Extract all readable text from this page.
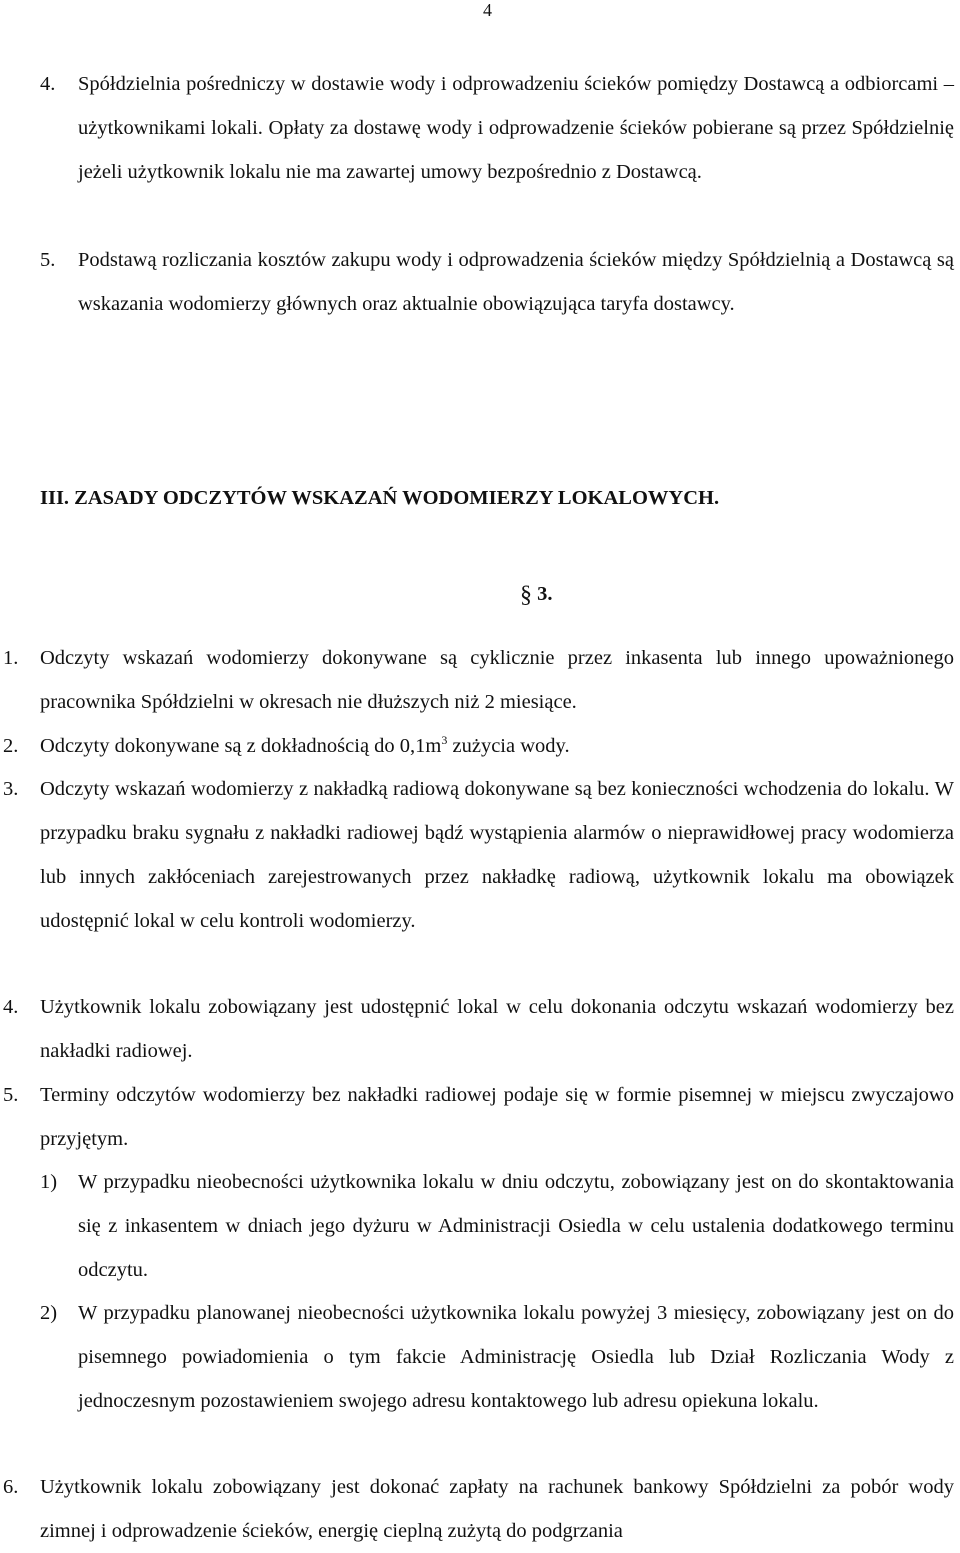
4
4.	Spółdzielnia pośredniczy w dostawie wody i odprowadzeniu ścieków pomiędzy Dostawcą a odbiorcami – użytkownikami lokali. Opłaty za dostawę wody i odprowadzenie ścieków pobierane są przez Spółdzielnię jeżeli użytkownik lokalu nie ma zawartej umowy bezpośrednio z Dostawcą.
5.	Podstawą rozliczania kosztów zakupu wody i odprowadzenia ścieków między Spółdzielnią a Dostawcą są wskazania wodomierzy głównych oraz aktualnie obowiązująca taryfa dostawcy.
III. ZASADY ODCZYTÓW WSKAZAŃ WODOMIERZY LOKALOWYCH.
§ 3.
1.	Odczyty wskazań wodomierzy dokonywane są cyklicznie przez inkasenta lub innego upoważnionego pracownika Spółdzielni w okresach nie dłuższych niż 2 miesiące.
2.	Odczyty dokonywane są z dokładnością do $0,1m^3$ zużycia wody.
3.	Odczyty wskazań wodomierzy z nakładką radiową dokonywane są bez konieczności wchodzenia do lokalu. W przypadku braku sygnału z nakładki radiowej bądź wystąpienia alarmów o nieprawidłowej pracy wodomierza lub innych zakłóceniach zarejestrowanych przez nakładkę radiową, użytkownik lokalu ma obowiązek udostępnić lokal w celu kontroli wodomierzy.
4.	Użytkownik lokalu zobowiązany jest udostępnić lokal w celu dokonania odczytu wskazań wodomierzy bez nakładki radiowej.
5.	Terminy odczytów wodomierzy bez nakładki radiowej podaje się w formie pisemnej w miejscu zwyczajowo przyjętym.
1)	W przypadku nieobecności użytkownika lokalu w dniu odczytu, zobowiązany jest on do skontaktowania się z inkasentem w dniach jego dyżuru w Administracji Osiedla w celu ustalenia dodatkowego terminu odczytu.
2)	W przypadku planowanej nieobecności użytkownika lokalu powyżej 3 miesięcy, zobowiązany jest on do pisemnego powiadomienia o tym fakcie Administrację Osiedla lub Dział Rozliczania Wody z jednoczesnym pozostawieniem swojego adresu kontaktowego lub adresu opiekuna lokalu.
6.	Użytkownik lokalu zobowiązany jest dokonać zapłaty na rachunek bankowy Spółdzielni za pobór wody zimnej i odprowadzenie ścieków, energię cieplną zużytą do podgrzania
